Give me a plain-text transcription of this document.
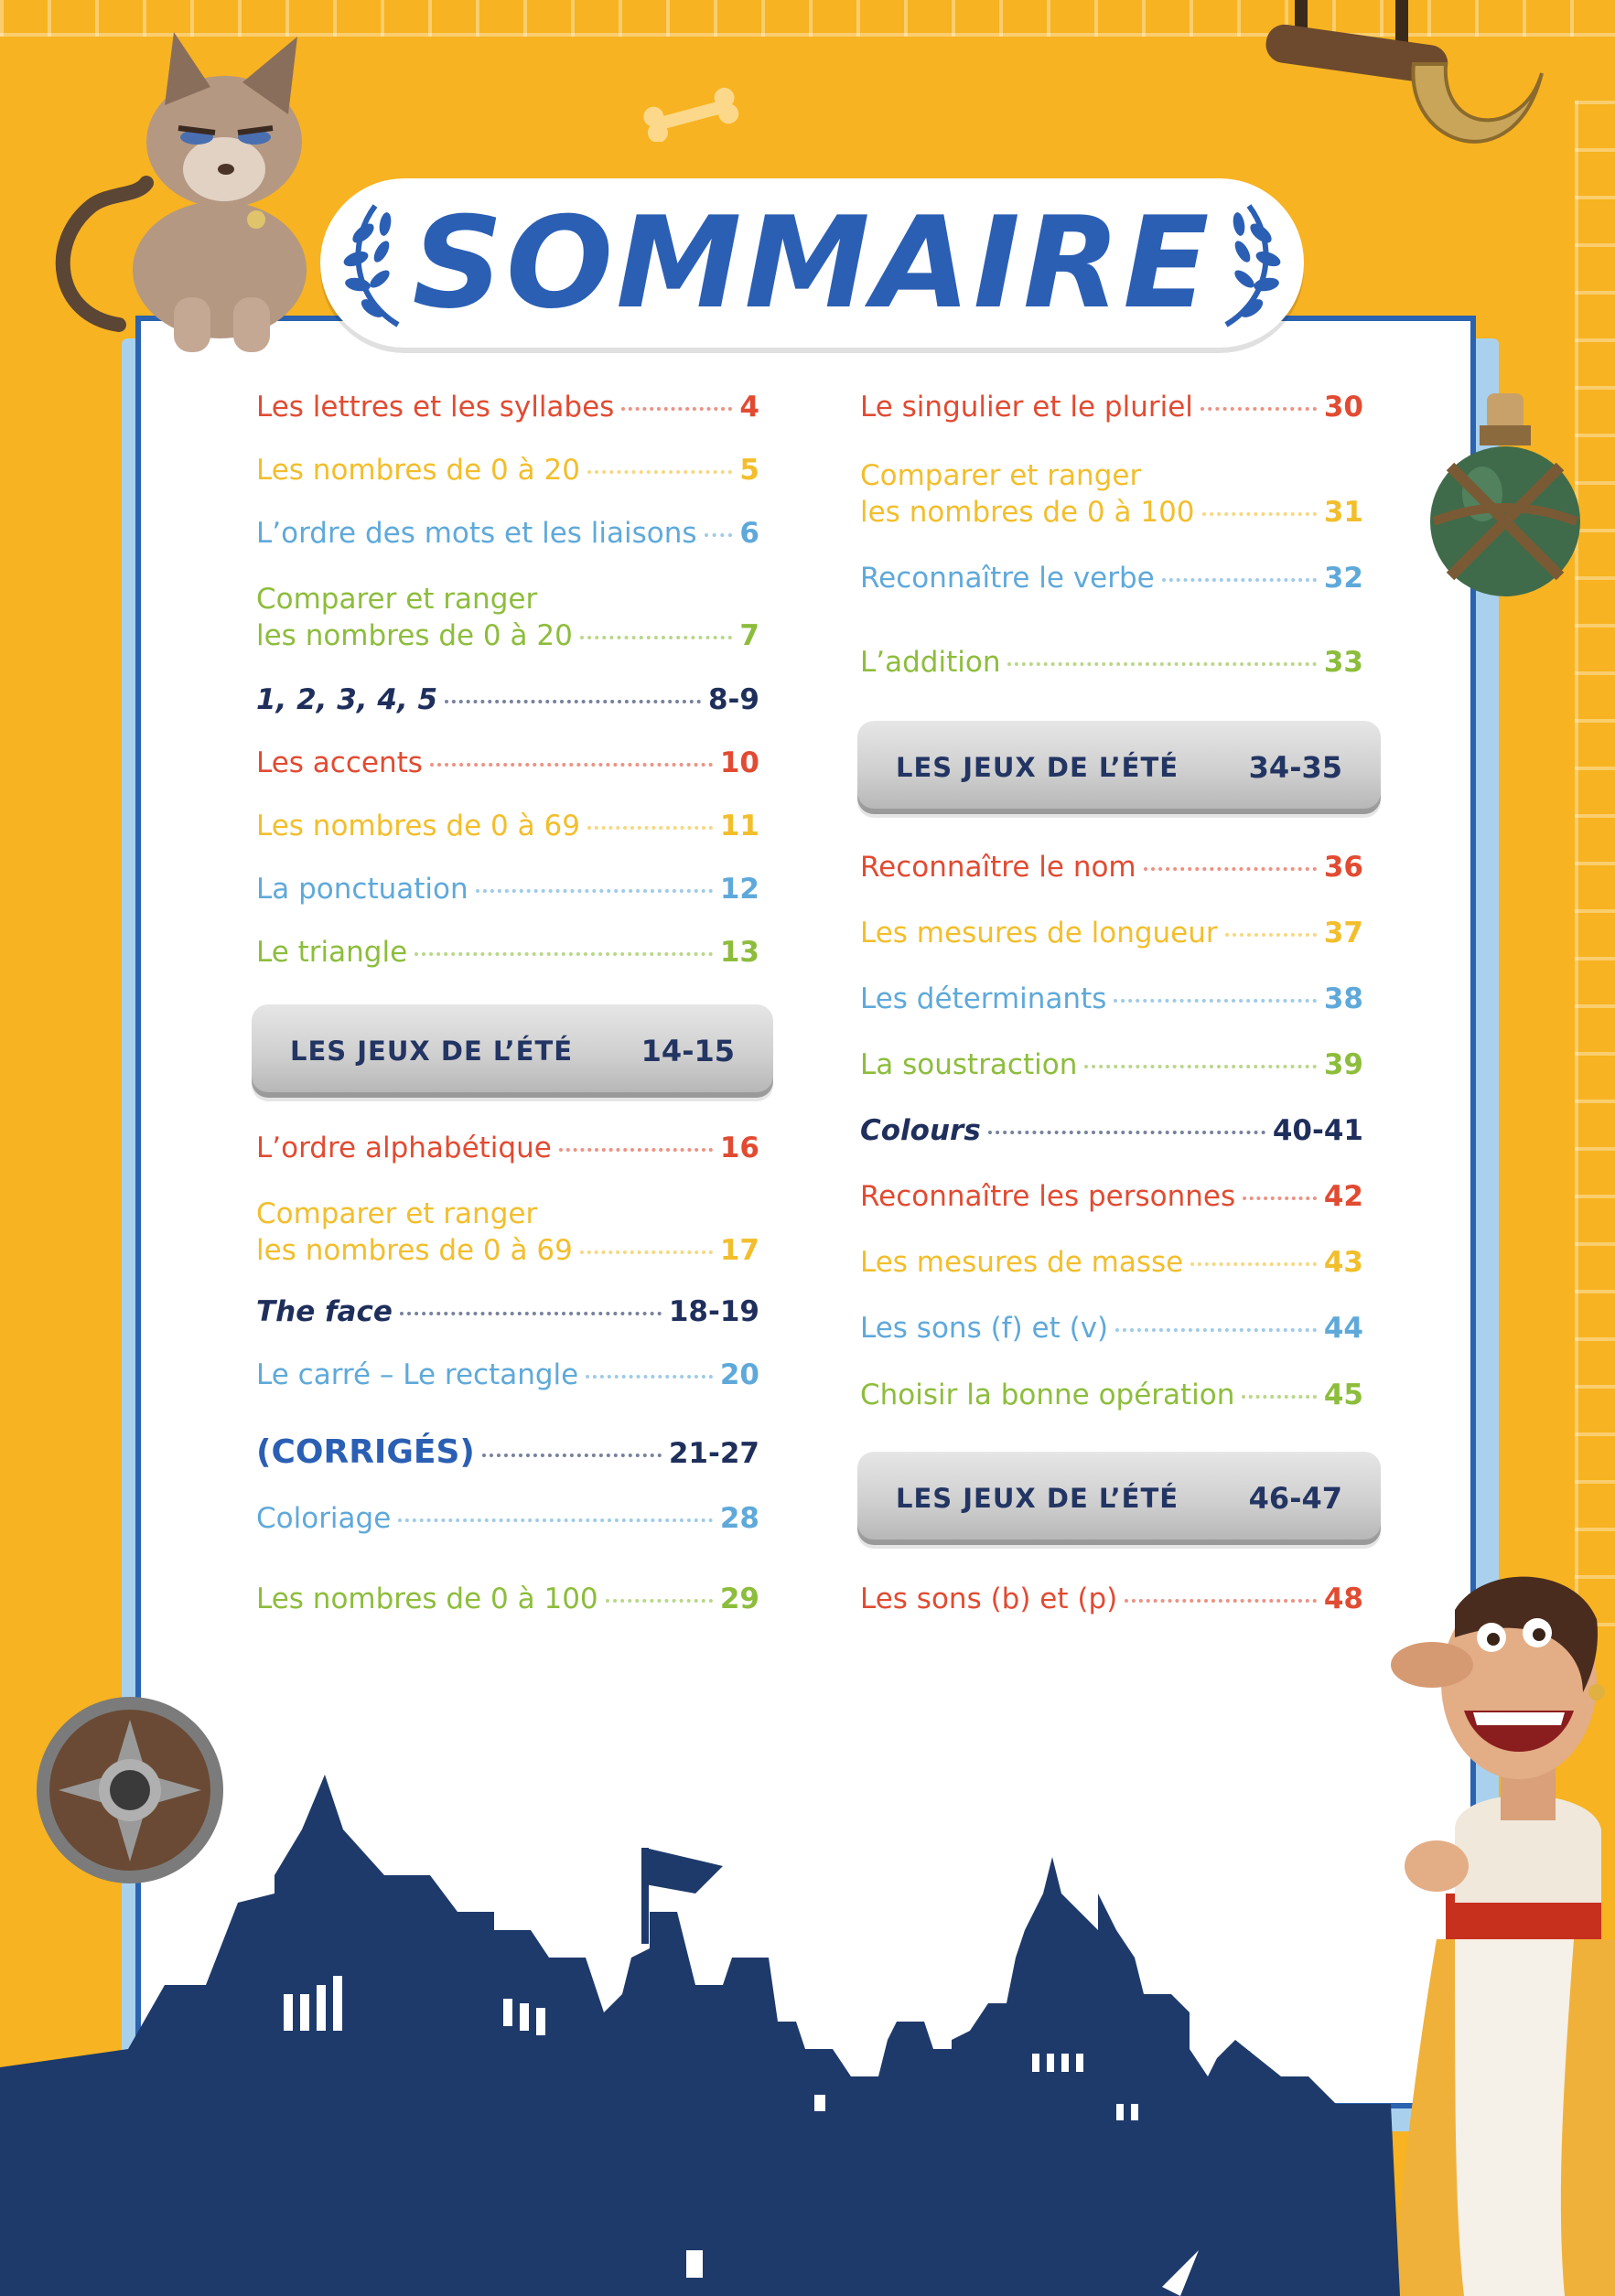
SOMMAIRE
Les lettres et les syllabes	4
Les nombres de 0 à 20	5
L’ordre des mots et les liaisons 6
Comparer et ranger
les nombres de 0 à 20	7
1, 2, 3, 4, 5	8-9
Les accents	10
Les nombres de 0 à 69	11
La ponctuation	12
Le triangle	13
LES JEUX DE L’ÉTÉ 14-15
L’ordre alphabétique	16
Comparer et ranger
les nombres de 0 à 69	17
The face	18-19
Le carré – Le rectangle	20
(CORRIGÉS)	21-27
Coloriage	28
Les nombres de 0 à 100	29
Le singulier et le pluriel	30
Comparer et ranger
les nombres de 0 à 100	31
Reconnaître le verbe	32
L’addition	33
LES JEUX DE L’ÉTÉ 34-35
Reconnaître le nom	36
Les mesures de longueur	37
Les déterminants	38
La soustraction	39
Colours	40-41
Reconnaître les personnes	42
Les mesures de masse	43
Les sons (f) et (v)	44
Choisir la bonne opération	45
LES JEUX DE L’ÉTÉ 46-47
Les sons (b) et (p)	48
